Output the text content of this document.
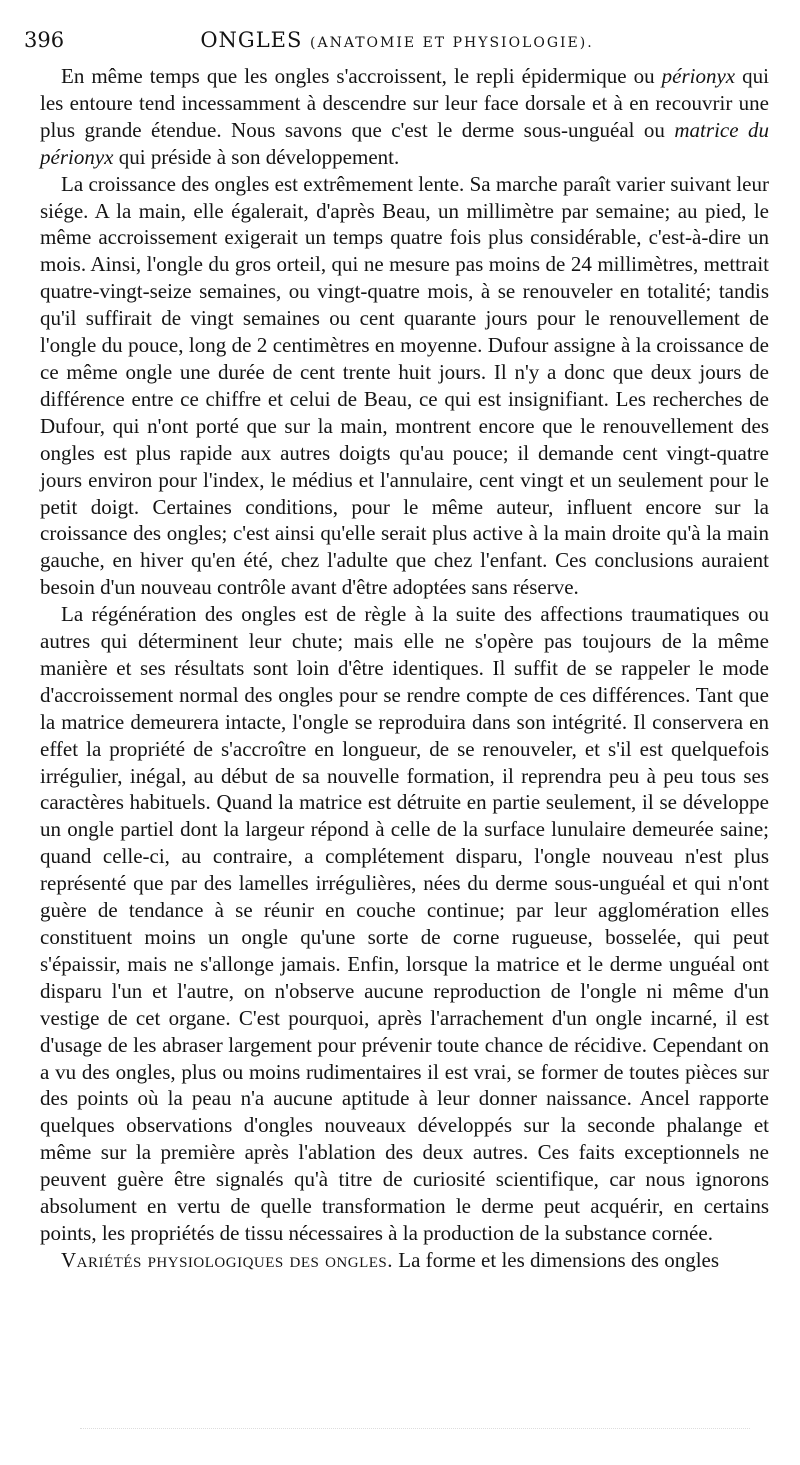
396	ONGLES (ANATOMIE ET PHYSIOLOGIE).

En même temps que les ongles s'accroissent, le repli épidermique ou périonyx qui les entoure tend incessamment à descendre sur leur face dorsale et à en recouvrir une plus grande étendue. Nous savons que c'est le derme sous-unguéal ou matrice du périonyx qui préside à son développement.

La croissance des ongles est extrêmement lente. Sa marche paraît varier suivant leur siége. A la main, elle égalerait, d'après Beau, un millimètre par semaine; au pied, le même accroissement exigerait un temps quatre fois plus considérable, c'est-à-dire un mois. Ainsi, l'ongle du gros orteil, qui ne mesure pas moins de 24 millimètres, mettrait quatre-vingt-seize semaines, ou vingt-quatre mois, à se renouveler en totalité; tandis qu'il suffirait de vingt semaines ou cent quarante jours pour le renouvellement de l'ongle du pouce, long de 2 centimètres en moyenne. Dufour assigne à la croissance de ce même ongle une durée de cent trente huit jours. Il n'y a donc que deux jours de différence entre ce chiffre et celui de Beau, ce qui est insignifiant. Les recherches de Dufour, qui n'ont porté que sur la main, montrent encore que le renouvellement des ongles est plus rapide aux autres doigts qu'au pouce; il demande cent vingt-quatre jours environ pour l'index, le médius et l'annulaire, cent vingt et un seulement pour le petit doigt. Certaines conditions, pour le même auteur, influent encore sur la croissance des ongles; c'est ainsi qu'elle serait plus active à la main droite qu'à la main gauche, en hiver qu'en été, chez l'adulte que chez l'enfant. Ces conclusions auraient besoin d'un nouveau contrôle avant d'être adoptées sans réserve.

La régénération des ongles est de règle à la suite des affections traumatiques ou autres qui déterminent leur chute; mais elle ne s'opère pas toujours de la même manière et ses résultats sont loin d'être identiques. Il suffit de se rappeler le mode d'accroissement normal des ongles pour se rendre compte de ces différences. Tant que la matrice demeurera intacte, l'ongle se reproduira dans son intégrité. Il conservera en effet la propriété de s'accroître en longueur, de se renouveler, et s'il est quelquefois irrégulier, inégal, au début de sa nouvelle formation, il reprendra peu à peu tous ses caractères habituels. Quand la matrice est détruite en partie seulement, il se développe un ongle partiel dont la largeur répond à celle de la surface lunulaire demeurée saine; quand celle-ci, au contraire, a complétement disparu, l'ongle nouveau n'est plus représenté que par des lamelles irrégulières, nées du derme sous-unguéal et qui n'ont guère de tendance à se réunir en couche continue; par leur agglomération elles constituent moins un ongle qu'une sorte de corne rugueuse, bosselée, qui peut s'épaissir, mais ne s'allonge jamais. Enfin, lorsque la matrice et le derme unguéal ont disparu l'un et l'autre, on n'observe aucune reproduction de l'ongle ni même d'un vestige de cet organe. C'est pourquoi, après l'arrachement d'un ongle incarné, il est d'usage de les abraser largement pour prévenir toute chance de récidive. Cependant on a vu des ongles, plus ou moins rudimentaires il est vrai, se former de toutes pièces sur des points où la peau n'a aucune aptitude à leur donner naissance. Ancel rapporte quelques observations d'ongles nouveaux développés sur la seconde phalange et même sur la première après l'ablation des deux autres. Ces faits exceptionnels ne peuvent guère être signalés qu'à titre de curiosité scientifique, car nous ignorons absolument en vertu de quelle transformation le derme peut acquérir, en certains points, les propriétés de tissu nécessaires à la production de la substance cornée.

Variétés physiologiques des ongles. La forme et les dimensions des ongles
